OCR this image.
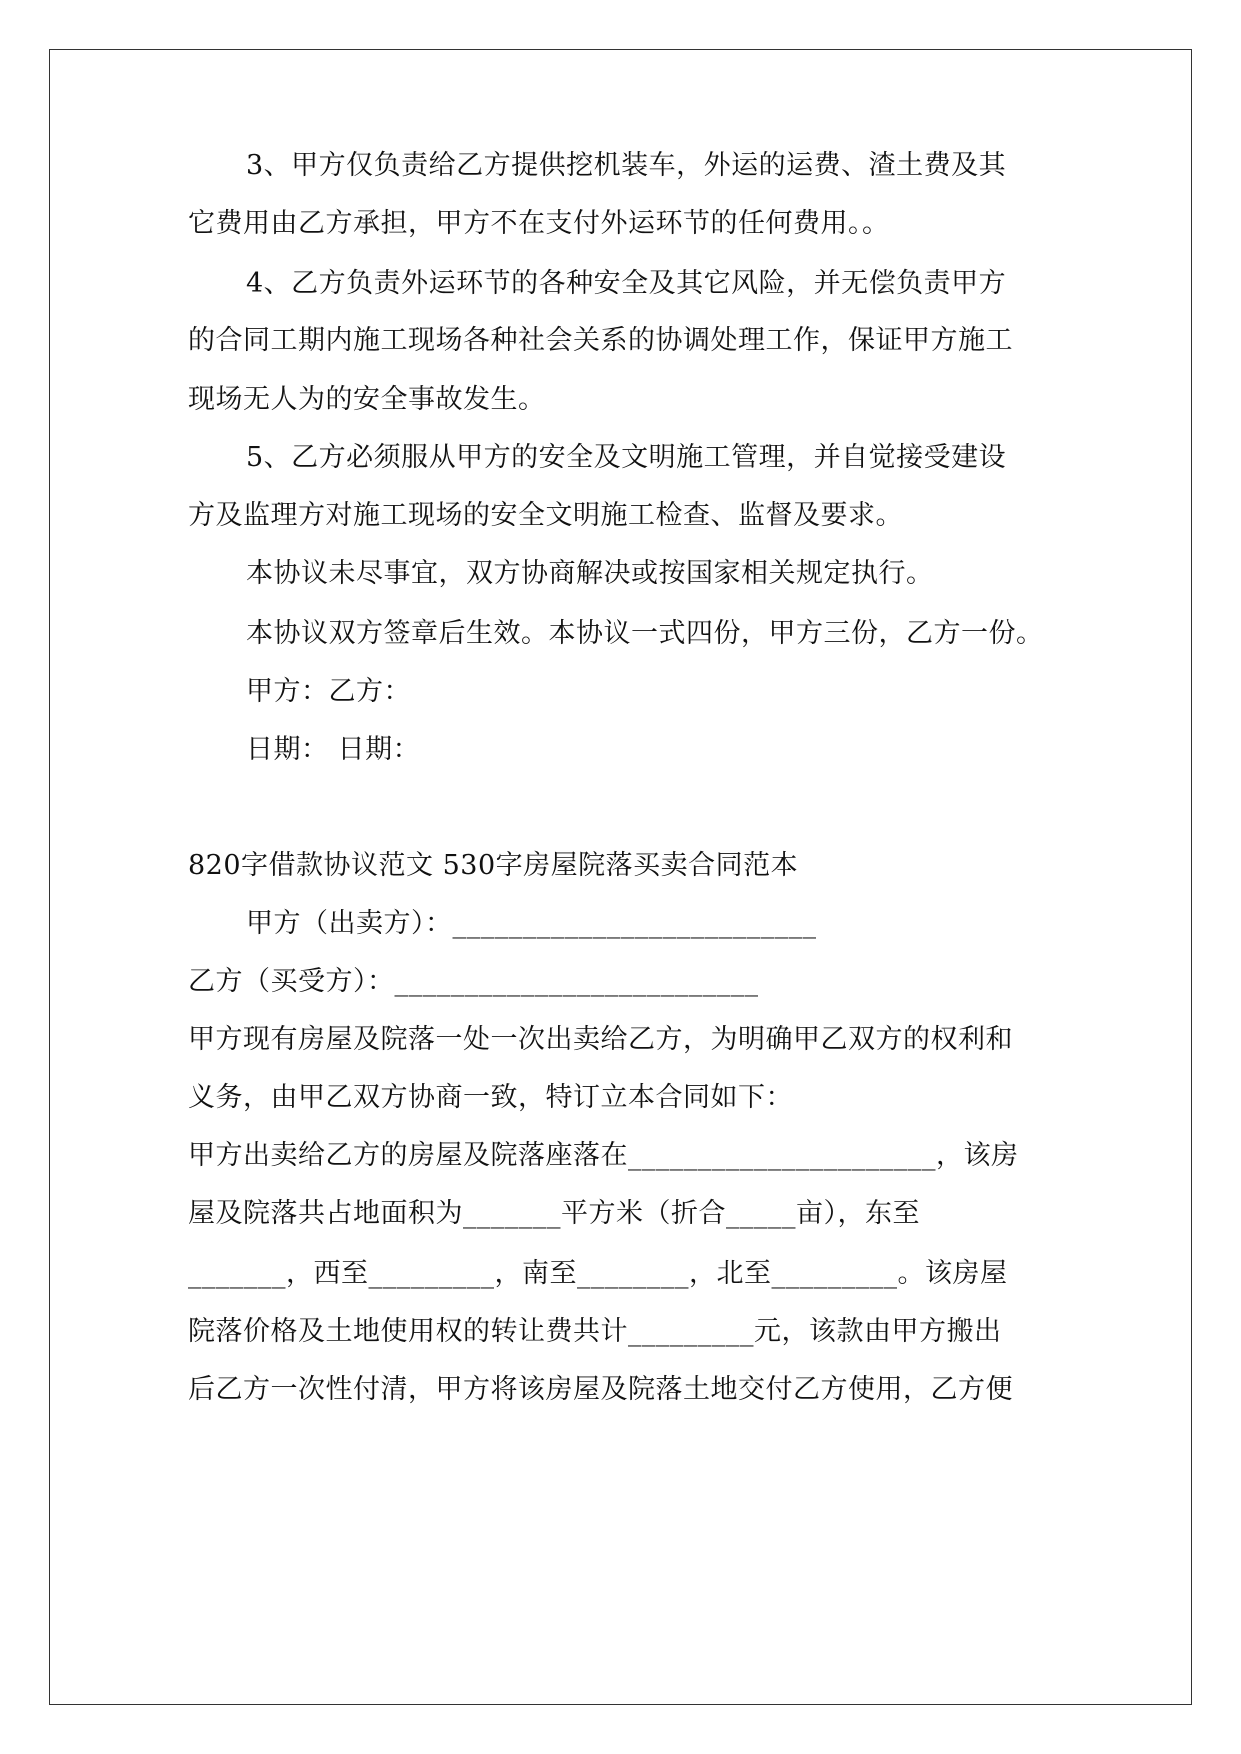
3、甲方仅负责给乙方提供挖机装车，外运的运费、渣土费及其
它费用由乙方承担，甲方不在支付外运环节的任何费用。。
4、乙方负责外运环节的各种安全及其它风险，并无偿负责甲方
的合同工期内施工现场各种社会关系的协调处理工作，保证甲方施工
现场无人为的安全事故发生。
5、乙方必须服从甲方的安全及文明施工管理，并自觉接受建设
方及监理方对施工现场的安全文明施工检查、监督及要求。
本协议未尽事宜，双方协商解决或按国家相关规定执行。
本协议双方签章后生效。本协议一式四份，甲方三份，乙方一份。
甲方：乙方：
日期： 日期：
820字借款协议范文 530字房屋院落买卖合同范本
甲方（出卖方）：__________________________
乙方（买受方）：__________________________
甲方现有房屋及院落一处一次出卖给乙方，为明确甲乙双方的权利和
义务，由甲乙双方协商一致，特订立本合同如下：
甲方出卖给乙方的房屋及院落座落在______________________，该房
屋及院落共占地面积为_______平方米（折合_____亩），东至
_______，西至_________，南至________，北至_________。该房屋
院落价格及土地使用权的转让费共计_________元，该款由甲方搬出
后乙方一次性付清，甲方将该房屋及院落土地交付乙方使用，乙方便
